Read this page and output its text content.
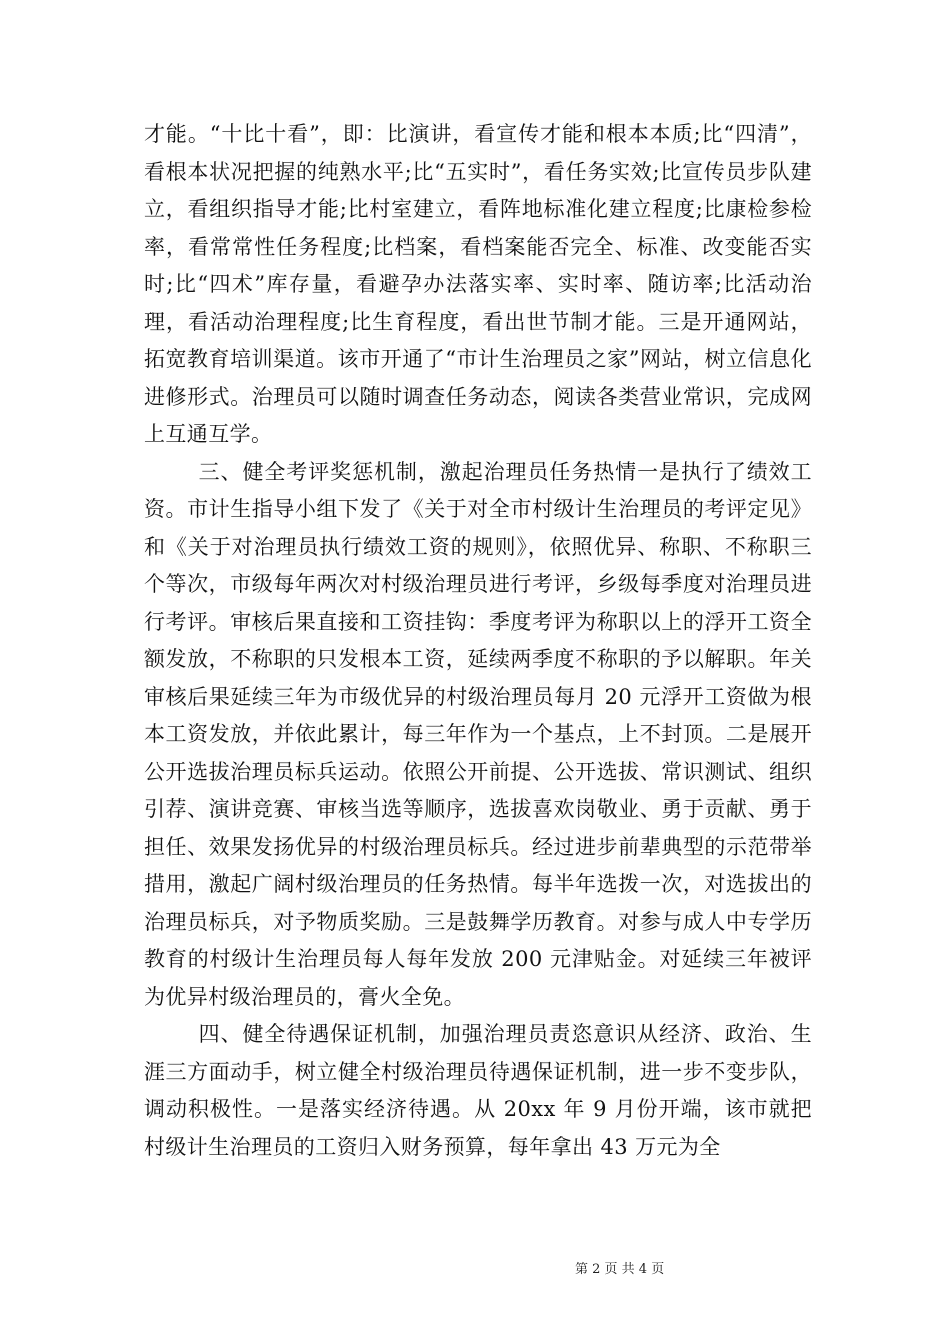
才能。“十比十看”，即：比演讲，看宣传才能和根本本质;比“四清”，看根本状况把握的纯熟水平;比“五实时”，看任务实效;比宣传员步队建立，看组织指导才能;比村室建立，看阵地标准化建立程度;比康检参检率，看常常性任务程度;比档案，看档案能否完全、标准、改变能否实时;比“四术”库存量，看避孕办法落实率、实时率、随访率;比活动治理，看活动治理程度;比生育程度，看出世节制才能。三是开通网站，拓宽教育培训渠道。该市开通了“市计生治理员之家”网站，树立信息化进修形式。治理员可以随时调查任务动态，阅读各类营业常识，完成网上互通互学。

三、健全考评奖惩机制，激起治理员任务热情一是执行了绩效工资。市计生指导小组下发了《关于对全市村级计生治理员的考评定见》和《关于对治理员执行绩效工资的规则》，依照优异、称职、不称职三个等次，市级每年两次对村级治理员进行考评，乡级每季度对治理员进行考评。审核后果直接和工资挂钩：季度考评为称职以上的浮开工资全额发放，不称职的只发根本工资，延续两季度不称职的予以解职。年关审核后果延续三年为市级优异的村级治理员每月 20 元浮开工资做为根本工资发放，并依此累计，每三年作为一个基点，上不封顶。二是展开公开选拔治理员标兵运动。依照公开前提、公开选拔、常识测试、组织引荐、演讲竞赛、审核当选等顺序，选拔喜欢岗敬业、勇于贡献、勇于担任、效果发扬优异的村级治理员标兵。经过进步前辈典型的示范带举措用，激起广阔村级治理员的任务热情。每半年选拨一次，对选拔出的治理员标兵，对予物质奖励。三是鼓舞学历教育。对参与成人中专学历教育的村级计生治理员每人每年发放 200 元津贴金。对延续三年被评为优异村级治理员的，膏火全免。

四、健全待遇保证机制，加强治理员责恣意识从经济、政治、生涯三方面动手，树立健全村级治理员待遇保证机制，进一步不变步队，调动积极性。一是落实经济待遇。从 20xx 年 9 月份开端，该市就把村级计生治理员的工资归入财务预算，每年拿出 43 万元为全

第 2 页 共 4 页
